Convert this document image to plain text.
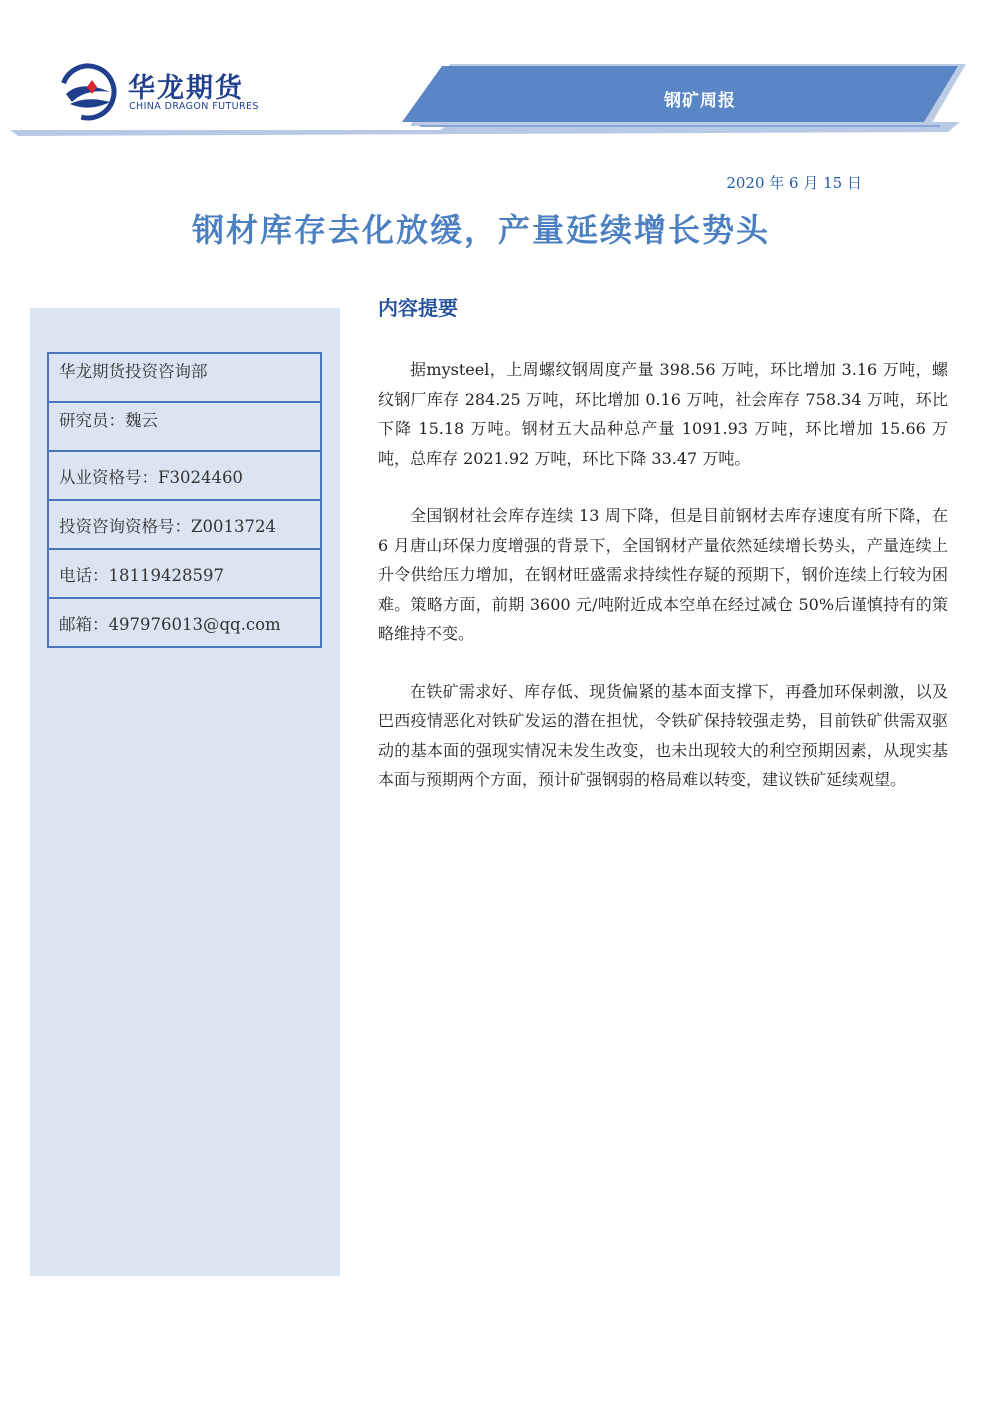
华龙期货
CHINA DRAGON FUTURES	钢矿周报
2020 年 6 月 15 日
钢材库存去化放缓，产量延续增长势头
华龙期货投资咨询部
研究员：魏云
从业资格号：F3024460
投资咨询资格号：Z0013724
电话：18119428597
邮箱：497976013@qq.com
内容提要

据mysteel，上周螺纹钢周度产量 398.56 万吨，环比增加 3.16 万吨，螺纹钢厂库存 284.25 万吨，环比增加 0.16 万吨，社会库存 758.34 万吨，环比下降 15.18 万吨。钢材五大品种总产量 1091.93 万吨，环比增加 15.66 万吨，总库存 2021.92 万吨，环比下降 33.47 万吨。

全国钢材社会库存连续 13 周下降，但是目前钢材去库存速度有所下降，在 6 月唐山环保力度增强的背景下，全国钢材产量依然延续增长势头，产量连续上升令供给压力增加，在钢材旺盛需求持续性存疑的预期下，钢价连续上行较为困难。策略方面，前期 3600 元/吨附近成本空单在经过减仓 50%后谨慎持有的策略维持不变。

在铁矿需求好、库存低、现货偏紧的基本面支撑下，再叠加环保刺激，以及巴西疫情恶化对铁矿发运的潜在担忧，令铁矿保持较强走势，目前铁矿供需双驱动的基本面的强现实情况未发生改变，也未出现较大的利空预期因素，从现实基本面与预期两个方面，预计矿强钢弱的格局难以转变，建议铁矿延续观望。
